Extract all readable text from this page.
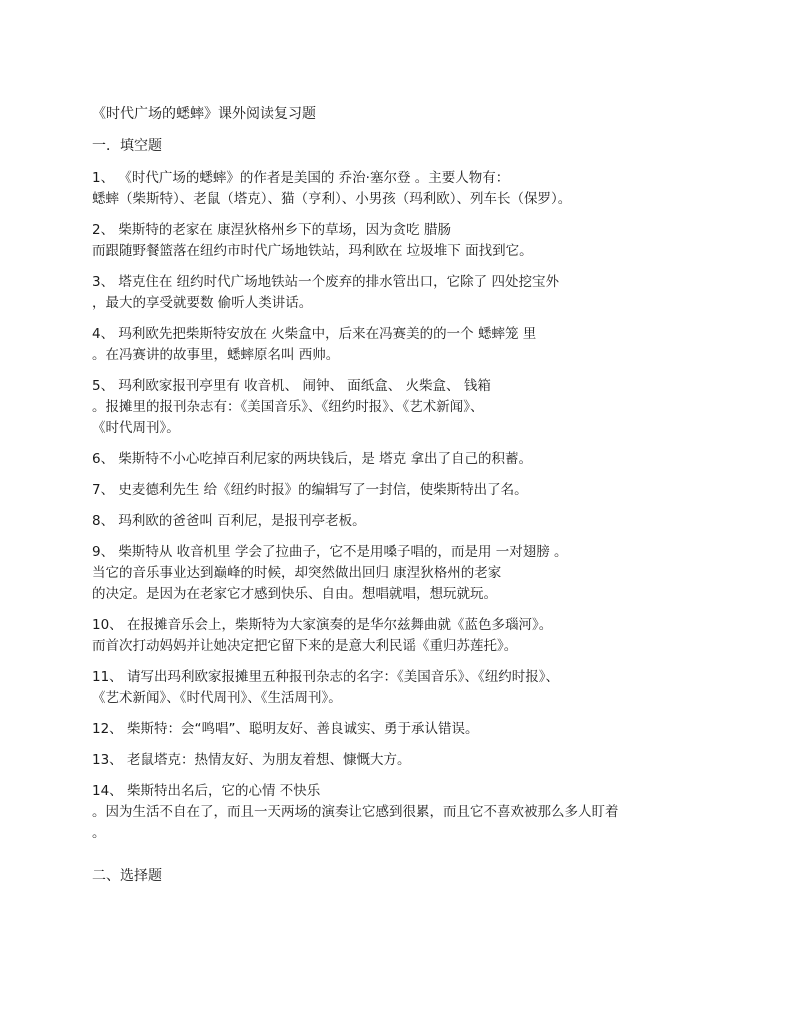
《时代广场的蟋蟀》课外阅读复习题
一．填空题
1、 《时代广场的蟋蟀》的作者是美国的 乔治·塞尔登 。主要人物有：
蟋蟀（柴斯特）、老鼠（塔克）、猫（亨利）、小男孩（玛利欧）、列车长（保罗）。
2、 柴斯特的老家在 康涅狄格州乡下的草场，因为贪吃 腊肠
而跟随野餐篮落在纽约市时代广场地铁站，玛利欧在 垃圾堆下 面找到它。
3、 塔克住在 纽约时代广场地铁站一个废弃的排水管出口，它除了 四处挖宝外
，最大的享受就要数 偷听人类讲话。
4、 玛利欧先把柴斯特安放在 火柴盒中，后来在冯赛美的的一个 蟋蟀笼 里
。在冯赛讲的故事里，蟋蟀原名叫 西帅。
5、 玛利欧家报刊亭里有 收音机、 闹钟、 面纸盒、 火柴盒、 钱箱
。报摊里的报刊杂志有：《美国音乐》、《纽约时报》、《艺术新闻》、
《时代周刊》。
6、 柴斯特不小心吃掉百利尼家的两块钱后，是 塔克 拿出了自己的积蓄。
7、 史麦德利先生 给《纽约时报》的编辑写了一封信，使柴斯特出了名。
8、 玛利欧的爸爸叫 百利尼，是报刊亭老板。
9、 柴斯特从 收音机里 学会了拉曲子，它不是用嗓子唱的，而是用 一对翅膀 。
当它的音乐事业达到巅峰的时候，却突然做出回归 康涅狄格州的老家
的决定。是因为在老家它才感到快乐、自由。想唱就唱，想玩就玩。
10、 在报摊音乐会上，柴斯特为大家演奏的是华尔兹舞曲就《蓝色多瑙河》。
而首次打动妈妈并让她决定把它留下来的是意大利民谣《重归苏莲托》。
11、 请写出玛利欧家报摊里五种报刊杂志的名字：《美国音乐》、《纽约时报》、
《艺术新闻》、《时代周刊》、《生活周刊》。
12、 柴斯特：会“鸣唱”、聪明友好、善良诚实、勇于承认错误。
13、 老鼠塔克：热情友好、为朋友着想、慷慨大方。
14、 柴斯特出名后，它的心情 不快乐
。因为生活不自在了，而且一天两场的演奏让它感到很累，而且它不喜欢被那么多人盯着
。
二、选择题
